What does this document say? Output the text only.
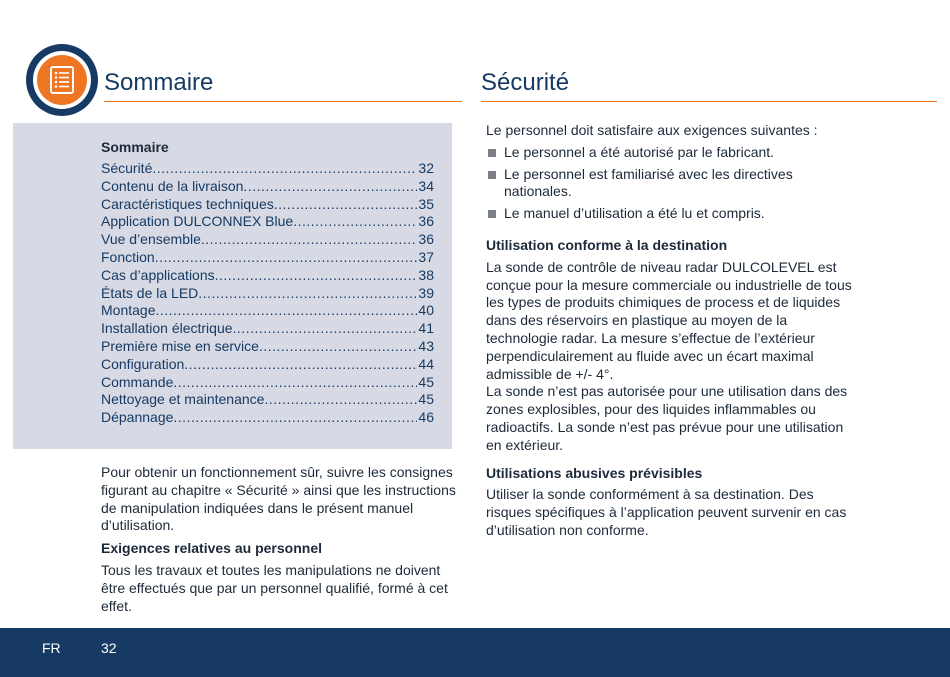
Sommaire	Sécurité
Sommaire
Sécurité .....	32
Contenu de la livraison .....	34
Caractéristiques techniques .....	35
Application DULCONNEX Blue .....	36
Vue d’ensemble .....	36
Fonction .....	37
Cas d’applications .....	38
États de la LED .....	39
Montage .....	40
Installation électrique .....	41
Première mise en service .....	43
Configuration .....	44
Commande .....	45
Nettoyage et maintenance .....	45
Dépannage .....	46

Pour obtenir un fonctionnement sûr, suivre les consignes figurant au chapitre « Sécurité » ainsi que les instructions de manipulation indiquées dans le présent manuel d’utilisation.

Exigences relatives au personnel

Tous les travaux et toutes les manipulations ne doivent être effectués que par un personnel qualifié, formé à cet effet.

Le personnel doit satisfaire aux exigences suivantes :

Le personnel a été autorisé par le fabricant.
Le personnel est familiarisé avec les directives nationales.
Le manuel d’utilisation a été lu et compris.

Utilisation conforme à la destination

La sonde de contrôle de niveau radar DULCOLEVEL est conçue pour la mesure commerciale ou industrielle de tous les types de produits chimiques de process et de liquides dans des réservoirs en plastique au moyen de la technologie radar. La mesure s’effectue de l’extérieur perpendiculairement au fluide avec un écart maximal admissible de +/- 4°.

La sonde n’est pas autorisée pour une utilisation dans des zones explosibles, pour des liquides inflammables ou radioactifs. La sonde n’est pas prévue pour une utilisation en extérieur.

Utilisations abusives prévisibles

Utiliser la sonde conformément à sa destination. Des risques spécifiques à l’application peuvent survenir en cas d’utilisation non conforme.

FR	32
